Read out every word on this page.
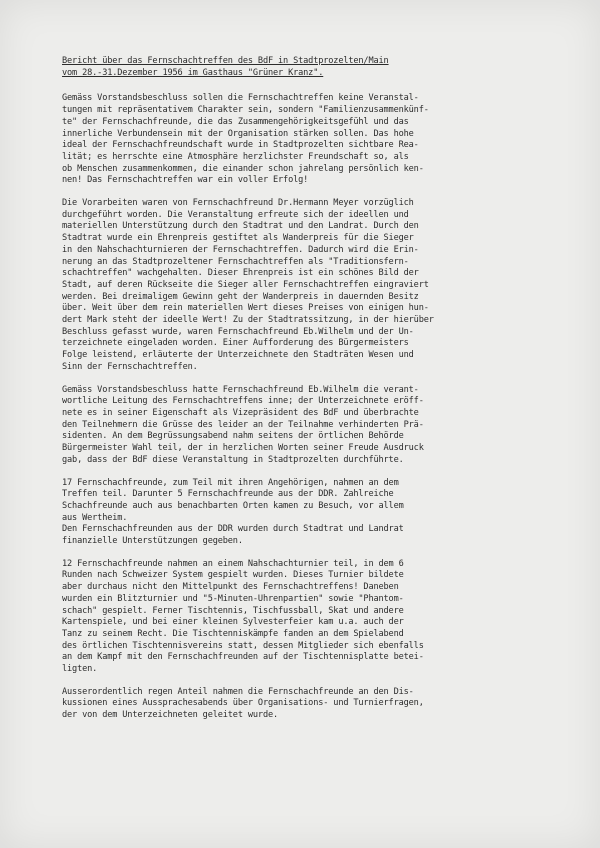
Bericht über das Fernschachtreffen des BdF in Stadtprozelten/Main
vom 28.-31.Dezember 1956 im Gasthaus "Grüner Kranz".
Gemäss Vorstandsbeschluss sollen die Fernschachtreffen keine Veranstal-
tungen mit repräsentativem Charakter sein, sondern "Familienzusammenkünf-
te" der Fernschachfreunde, die das Zusammengehörigkeitsgefühl und das
innerliche Verbundensein mit der Organisation stärken sollen. Das hohe
ideal der Fernschachfreundschaft wurde in Stadtprozelten sichtbare Rea-
lität; es herrschte eine Atmosphäre herzlichster Freundschaft so, als
ob Menschen zusammenkommen, die einander schon jahrelang persönlich ken-
nen! Das Fernschachtreffen war ein voller Erfolg!
Die Vorarbeiten waren von Fernschachfreund Dr.Hermann Meyer vorzüglich
durchgeführt worden. Die Veranstaltung erfreute sich der ideellen und
materiellen Unterstützung durch den Stadtrat und den Landrat. Durch den
Stadtrat wurde ein Ehrenpreis gestiftet als Wanderpreis für die Sieger
in den Nahschachturnieren der Fernschachtreffen. Dadurch wird die Erin-
nerung an das Stadtprozeltener Fernschachtreffen als "Traditionsfern-
schachtreffen" wachgehalten. Dieser Ehrenpreis ist ein schönes Bild der
Stadt, auf deren Rückseite die Sieger aller Fernschachtreffen eingraviert
werden. Bei dreimaligem Gewinn geht der Wanderpreis in dauernden Besitz
über. Weit über dem rein materiellen Wert dieses Preises von einigen hun-
dert Mark steht der ideelle Wert! Zu der Stadtratssitzung, in der hierüber
Beschluss gefasst wurde, waren Fernschachfreund Eb.Wilhelm und der Un-
terzeichnete eingeladen worden. Einer Aufforderung des Bürgermeisters
Folge leistend, erläuterte der Unterzeichnete den Stadträten Wesen und
Sinn der Fernschachtreffen.
Gemäss Vorstandsbeschluss hatte Fernschachfreund Eb.Wilhelm die verant-
wortliche Leitung des Fernschachtreffens inne; der Unterzeichnete eröff-
nete es in seiner Eigenschaft als Vizepräsident des BdF und überbrachte
den Teilnehmern die Grüsse des leider an der Teilnahme verhinderten Prä-
sidenten. An dem Begrüssungsabend nahm seitens der örtlichen Behörde
Bürgermeister Wahl teil, der in herzlichen Worten seiner Freude Ausdruck
gab, dass der BdF diese Veranstaltung in Stadtprozelten durchführte.
17 Fernschachfreunde, zum Teil mit ihren Angehörigen, nahmen an dem
Treffen teil. Darunter 5 Fernschachfreunde aus der DDR. Zahlreiche
Schachfreunde auch aus benachbarten Orten kamen zu Besuch, vor allem
aus Wertheim.
Den Fernschachfreunden aus der DDR wurden durch Stadtrat und Landrat
finanzielle Unterstützungen gegeben.
12 Fernschachfreunde nahmen an einem Nahschachturnier teil, in dem 6
Runden nach Schweizer System gespielt wurden. Dieses Turnier bildete
aber durchaus nicht den Mittelpunkt des Fernschachtreffens! Daneben
wurden ein Blitzturnier und "5-Minuten-Uhrenpartien" sowie "Phantom-
schach" gespielt. Ferner Tischtennis, Tischfussball, Skat und andere
Kartenspiele, und bei einer kleinen Sylvesterfeier kam u.a. auch der
Tanz zu seinem Recht. Die Tischtenniskämpfe fanden an dem Spielabend
des örtlichen Tischtennisvereins statt, dessen Mitglieder sich ebenfalls
an dem Kampf mit den Fernschachfreunden auf der Tischtennisplatte betei-
ligten.
Ausserordentlich regen Anteil nahmen die Fernschachfreunde an den Dis-
kussionen eines Aussprachesabends über Organisations- und Turnierfragen,
der von dem Unterzeichneten geleitet wurde.
